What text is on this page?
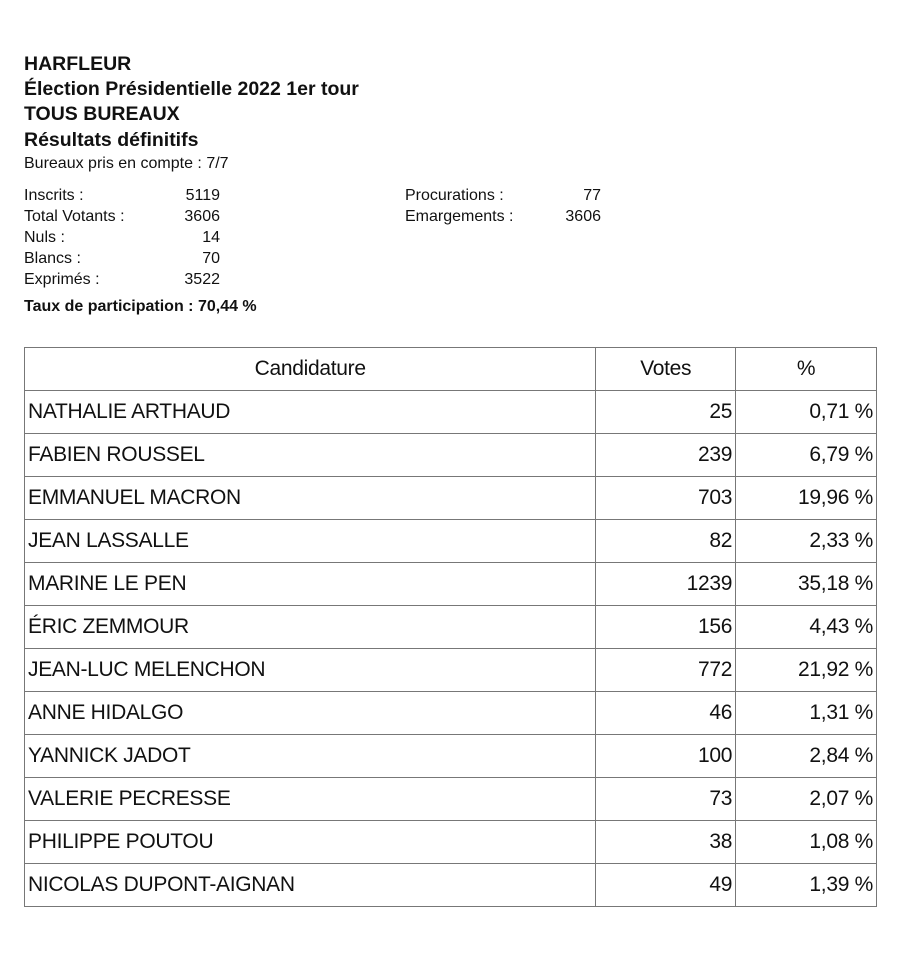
HARFLEUR
Élection Présidentielle 2022 1er tour
TOUS BUREAUX
Résultats définitifs
Bureaux pris en compte : 7/7
Inscrits :	5119
Total Votants :	3606
Nuls :	14
Blancs :	70
Exprimés :	3522
Procurations :	77
Emargements :	3606
Taux de participation : 70,44 %
Candidature	Votes	%
NATHALIE ARTHAUD	25	0,71 %
FABIEN ROUSSEL	239	6,79 %
EMMANUEL MACRON	703	19,96 %
JEAN LASSALLE	82	2,33 %
MARINE LE PEN	1239	35,18 %
ÉRIC ZEMMOUR	156	4,43 %
JEAN-LUC MELENCHON	772	21,92 %
ANNE HIDALGO	46	1,31 %
YANNICK JADOT	100	2,84 %
VALERIE PECRESSE	73	2,07 %
PHILIPPE POUTOU	38	1,08 %
NICOLAS DUPONT-AIGNAN	49	1,39 %
